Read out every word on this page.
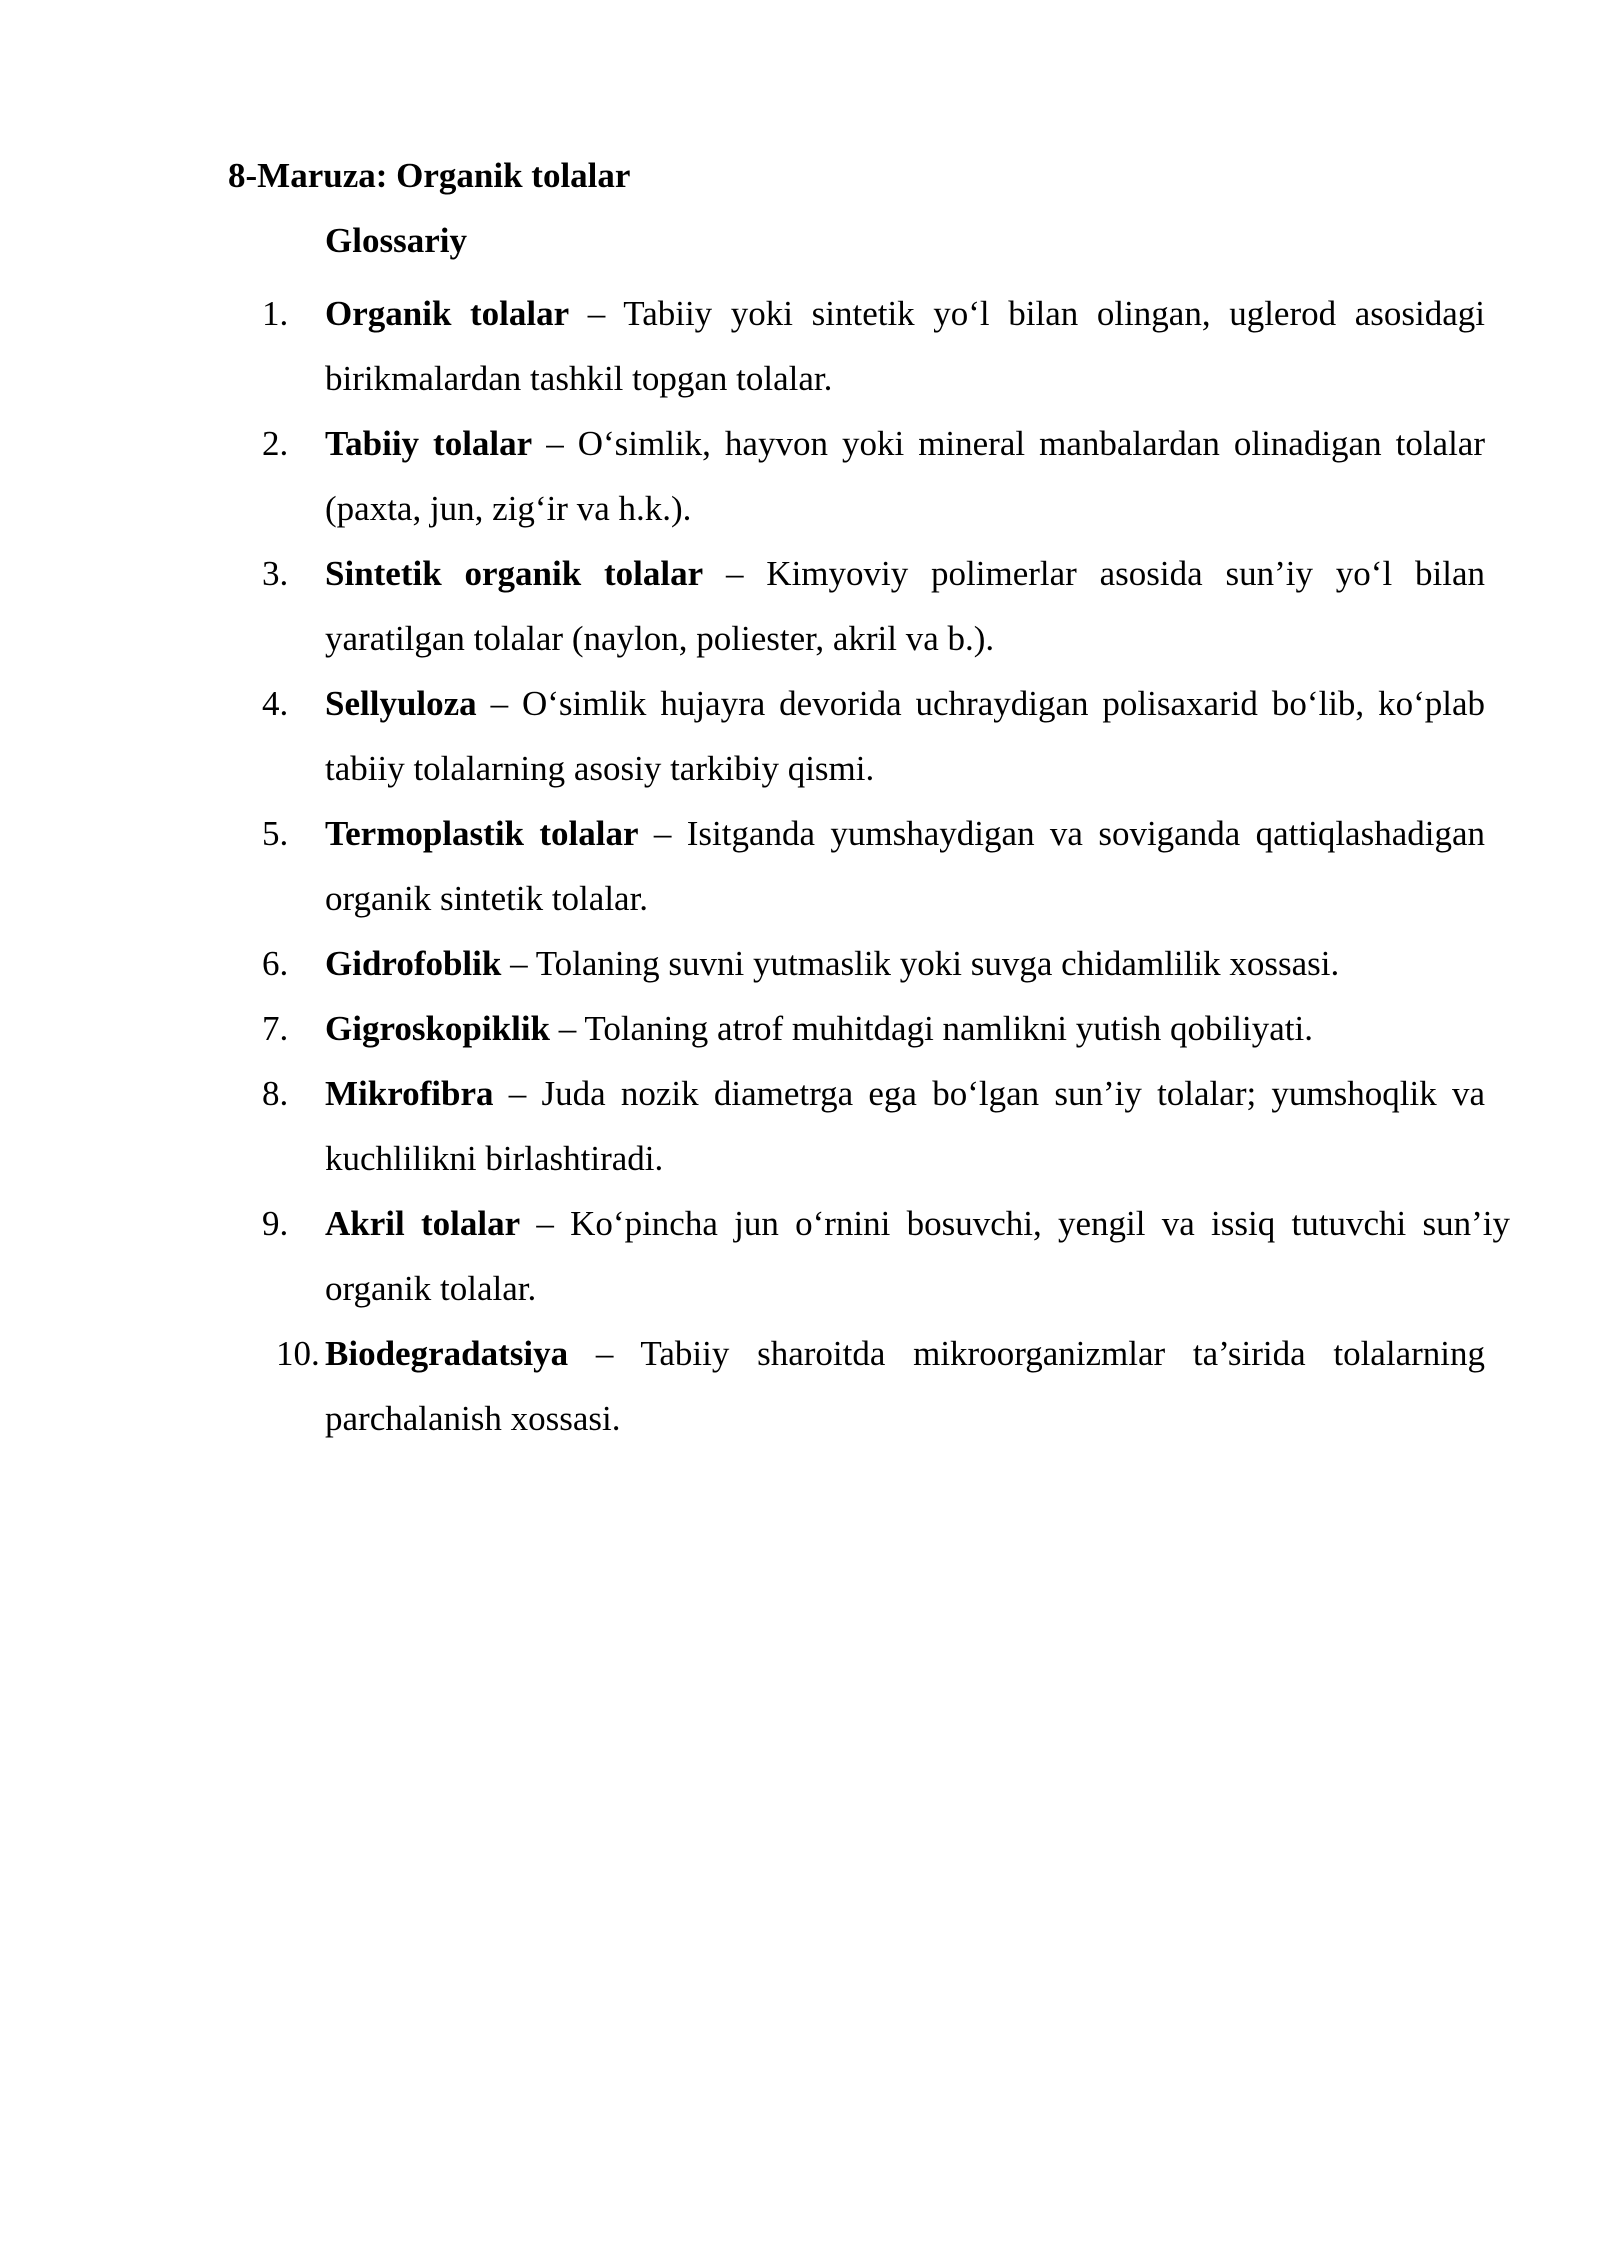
8-Maruza: Organik tolalar
Glossariy
1. Organik tolalar – Tabiiy yoki sintetik yo‘l bilan olingan, uglerod asosidagi birikmalardan tashkil topgan tolalar.
2. Tabiiy tolalar – O‘simlik, hayvon yoki mineral manbalardan olinadigan tolalar (paxta, jun, zig‘ir va h.k.).
3. Sintetik organik tolalar – Kimyoviy polimerlar asosida sun’iy yo‘l bilan yaratilgan tolalar (naylon, poliester, akril va b.).
4. Sellyuloza – O‘simlik hujayra devorida uchraydigan polisaxarid bo‘lib, ko‘plab tabiiy tolalarning asosiy tarkibiy qismi.
5. Termoplastik tolalar – Isitganda yumshaydigan va soviganda qattiqlashadigan organik sintetik tolalar.
6. Gidrofoblik – Tolaning suvni yutmaslik yoki suvga chidamlilik xossasi.
7. Gigroskopiklik – Tolaning atrof muhitdagi namlikni yutish qobiliyati.
8. Mikrofibra – Juda nozik diametrga ega bo‘lgan sun’iy tolalar; yumshoqlik va kuchlilikni birlashtiradi.
9. Akril tolalar – Ko‘pincha jun o‘rnini bosuvchi, yengil va issiq tutuvchi sun’iy organik tolalar.
10. Biodegradatsiya – Tabiiy sharoitda mikroorganizmlar ta’sirida tolalarning parchalanish xossasi.
